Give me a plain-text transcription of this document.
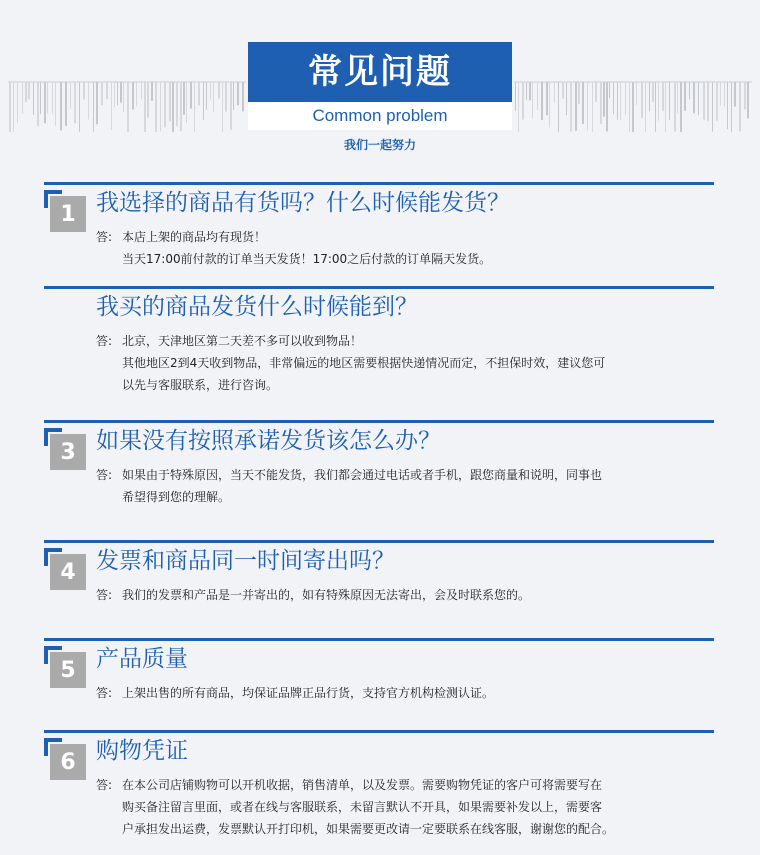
常见问题
Common problem
我们一起努力
1 我选择的商品有货吗？什么时候能发货？
答: 本店上架的商品均有现货！
当天17:00前付款的订单当天发货！17:00之后付款的订单隔天发货。
我买的商品发货什么时候能到？
答: 北京，天津地区第二天差不多可以收到物品！
其他地区2到4天收到物品，非常偏远的地区需要根据快递情况而定，不担保时效，建议您可
以先与客服联系，进行咨询。
3 如果没有按照承诺发货该怎么办？
答: 如果由于特殊原因，当天不能发货，我们都会通过电话或者手机，跟您商量和说明，同事也
希望得到您的理解。
4 发票和商品同一时间寄出吗？
答: 我们的发票和产品是一并寄出的，如有特殊原因无法寄出，会及时联系您的。
5 产品质量
答: 上架出售的所有商品，均保证品牌正品行货，支持官方机构检测认证。
6 购物凭证
答: 在本公司店铺购物可以开机收据，销售清单，以及发票。需要购物凭证的客户可将需要写在
购买备注留言里面，或者在线与客服联系，未留言默认不开具，如果需要补发以上，需要客
户承担发出运费，发票默认开打印机，如果需要更改请一定要联系在线客服，谢谢您的配合。
